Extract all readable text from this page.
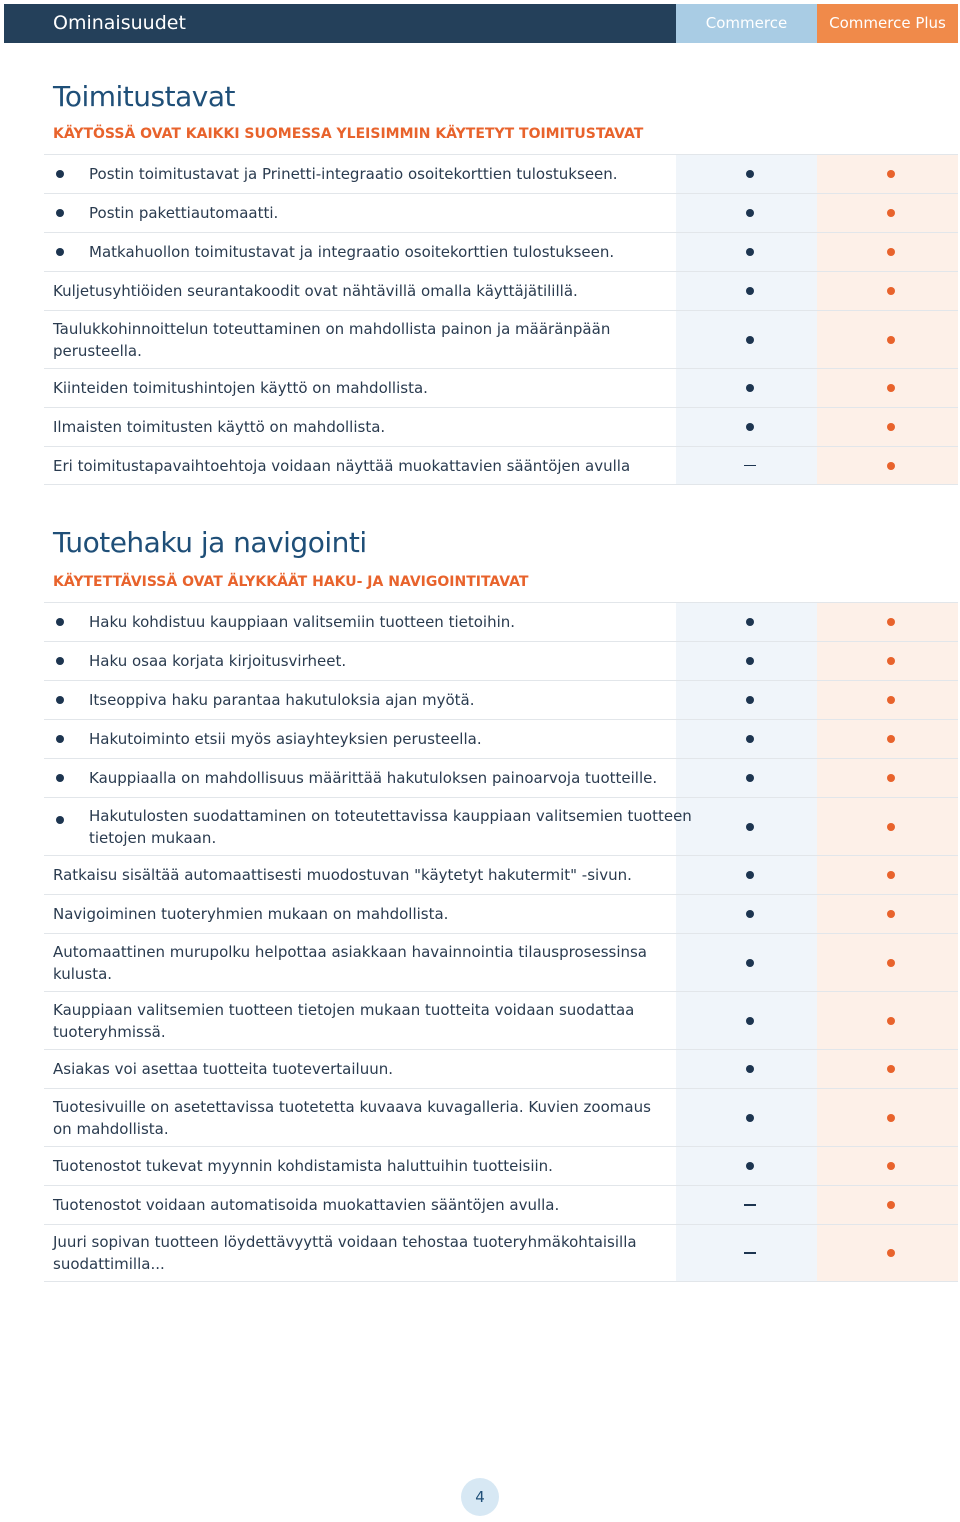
Ominaisuudet	Commerce	Commerce Plus
Toimitustavat
KÄYTÖSSÄ OVAT KAIKKI SUOMESSA YLEISIMMIN KÄYTETYT TOIMITUSTAVAT
Postin toimitustavat ja Prinetti-integraatio osoitekorttien tulostukseen.
Postin pakettiautomaatti.
Matkahuollon toimitustavat ja integraatio osoitekorttien tulostukseen.
Kuljetusyhtiöiden seurantakoodit ovat nähtävillä omalla käyttäjätilillä.
Taulukkohinnoittelun toteuttaminen on mahdollista painon ja määränpään perusteella.
Kiinteiden toimitushintojen käyttö on mahdollista.
Ilmaisten toimitusten käyttö on mahdollista.
Eri toimitustapavaihtoehtoja voidaan näyttää muokattavien sääntöjen avulla
Tuotehaku ja navigointi
KÄYTETTÄVISSÄ OVAT ÄLYKKÄÄT HAKU- JA NAVIGOINTITAVAT
Haku kohdistuu kauppiaan valitsemiin tuotteen tietoihin.
Haku osaa korjata kirjoitusvirheet.
Itseoppiva haku parantaa hakutuloksia ajan myötä.
Hakutoiminto etsii myös asiayhteyksien perusteella.
Kauppiaalla on mahdollisuus määrittää hakutuloksen painoarvoja tuotteille.
Hakutulosten suodattaminen on toteutettavissa kauppiaan valitsemien tuotteen tietojen mukaan.
Ratkaisu sisältää automaattisesti muodostuvan "käytetyt hakutermit" -sivun.
Navigoiminen tuoteryhmien mukaan on mahdollista.
Automaattinen murupolku helpottaa asiakkaan havainnointia tilausprosessinsa kulusta.
Kauppiaan valitsemien tuotteen tietojen mukaan tuotteita voidaan suodattaa tuoteryhmissä.
Asiakas voi asettaa tuotteita tuotevertailuun.
Tuotesivuille on asetettavissa tuotetetta kuvaava kuvagalleria. Kuvien zoomaus on mahdollista.
Tuotenostot tukevat myynnin kohdistamista haluttuihin tuotteisiin.
Tuotenostot voidaan automatisoida muokattavien sääntöjen avulla.
Juuri sopivan tuotteen löydettävyyttä voidaan tehostaa tuoteryhmäkohtaisilla suodattimilla...
4
